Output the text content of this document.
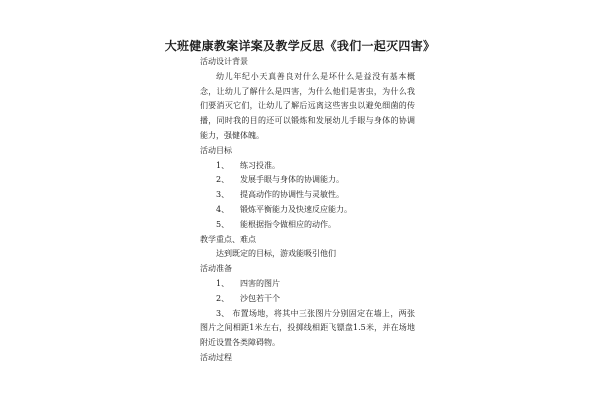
大班健康教案详案及教学反思《我们一起灭四害》

活动设计背景

幼儿年纪小天真善良对什么是坏什么是益没有基本概念，让幼儿了解什么是四害，为什么他们是害虫，为什么我们要消灭它们，让幼儿了解后远离这些害虫以避免细菌的传播，同时我的目的还可以锻炼和发展幼儿手眼与身体的协调能力，强健体魄。

活动目标

1、 练习投准。

2、 发展手眼与身体的协调能力。

3、 提高动作的协调性与灵敏性。

4、 锻炼平衡能力及快速反应能力。

5、 能根据指令做相应的动作。

教学重点、难点

达到既定的目标，游戏能吸引他们

活动准备

1、 四害的图片

2、 沙包若干个

3、 布置场地，将其中三张图片分别固定在墙上，两张图片之间相距1米左右，投掷线相距飞镖盘1.5米，并在场地附近设置各类障碍物。

活动过程
